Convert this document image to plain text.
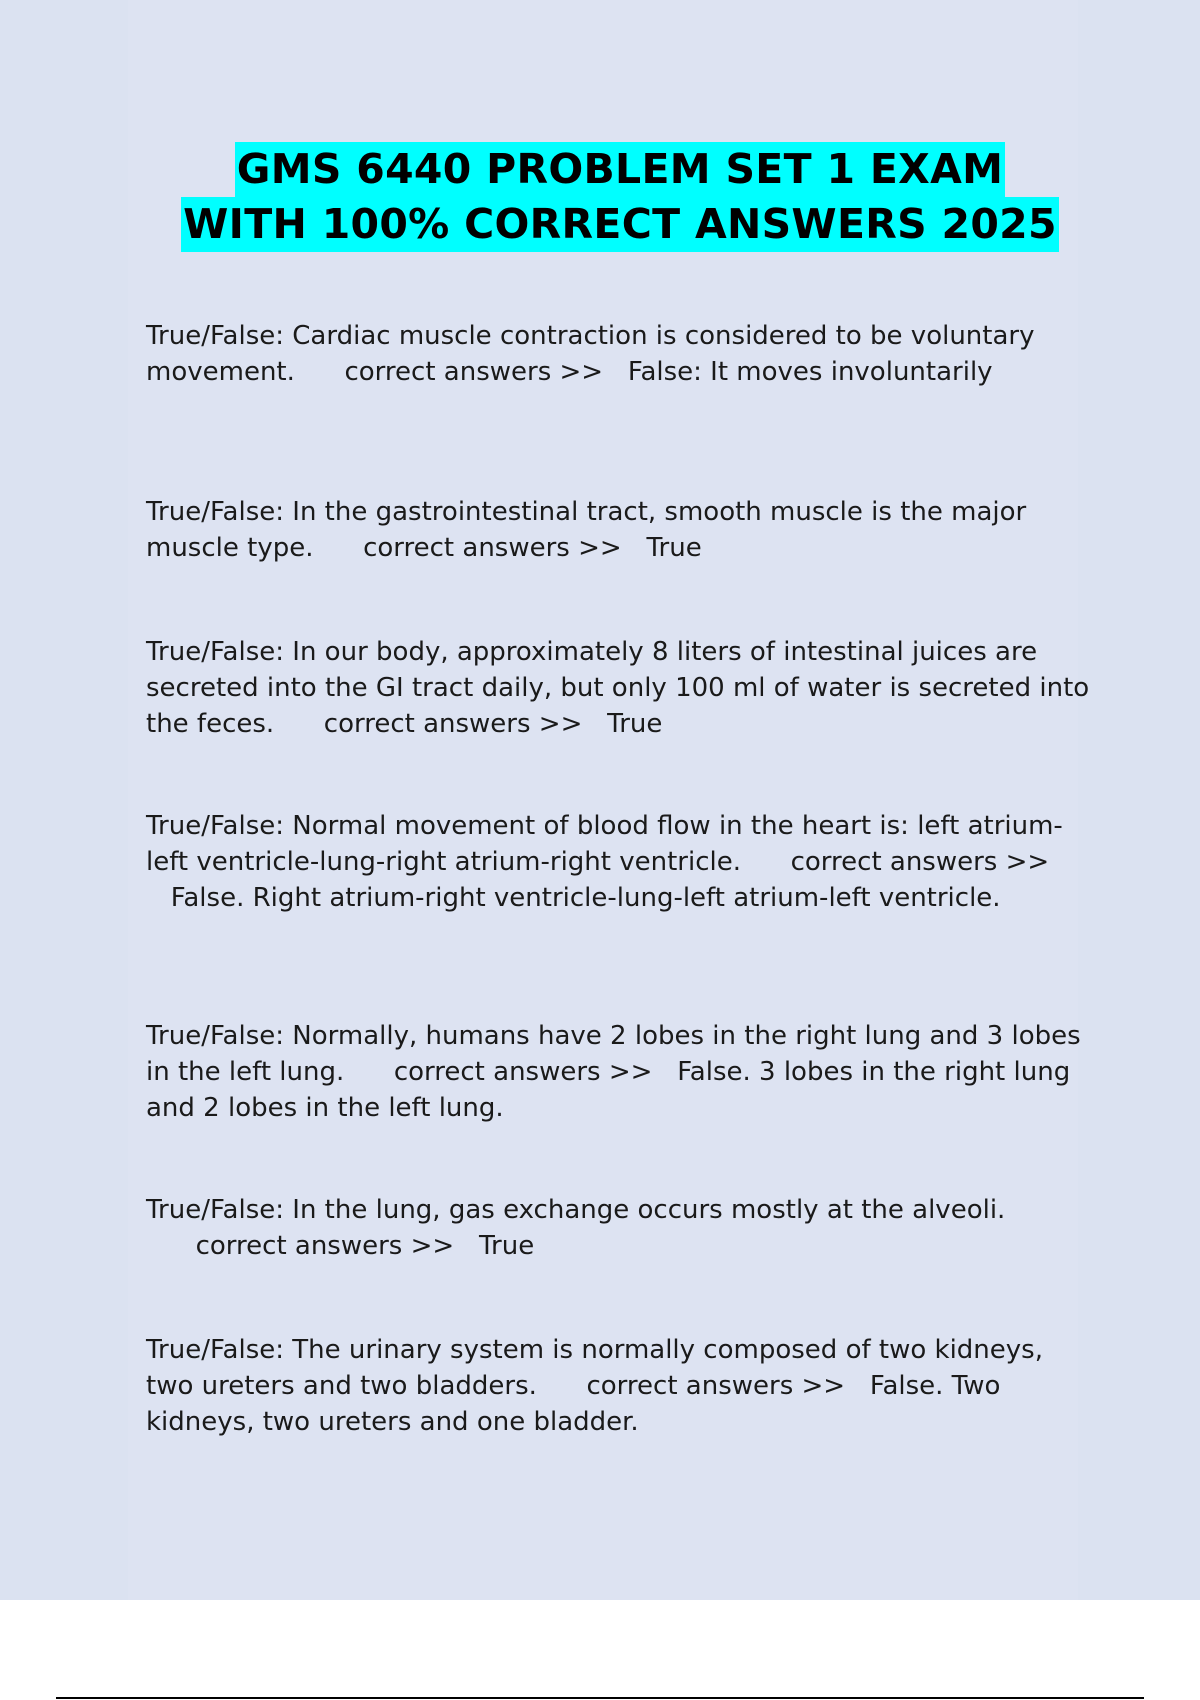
GMS 6440 PROBLEM SET 1 EXAM
WITH 100% CORRECT ANSWERS 2025
True/False: Cardiac muscle contraction is considered to be voluntary movement. correct answers >> False: It moves involuntarily
True/False: In the gastrointestinal tract, smooth muscle is the major muscle type. correct answers >> True
True/False: In our body, approximately 8 liters of intestinal juices are secreted into the GI tract daily, but only 100 ml of water is secreted into the feces. correct answers >> True
True/False: Normal movement of blood flow in the heart is: left atrium-left ventricle-lung-right atrium-right ventricle. correct answers >>   False. Right atrium-right ventricle-lung-left atrium-left ventricle.
True/False: Normally, humans have 2 lobes in the right lung and 3 lobes in the left lung. correct answers >> False. 3 lobes in the right lung and 2 lobes in the left lung.
True/False: In the lung, gas exchange occurs mostly at the alveoli.      correct answers >> True
True/False: The urinary system is normally composed of two kidneys, two ureters and two bladders. correct answers >> False. Two kidneys, two ureters and one bladder.
